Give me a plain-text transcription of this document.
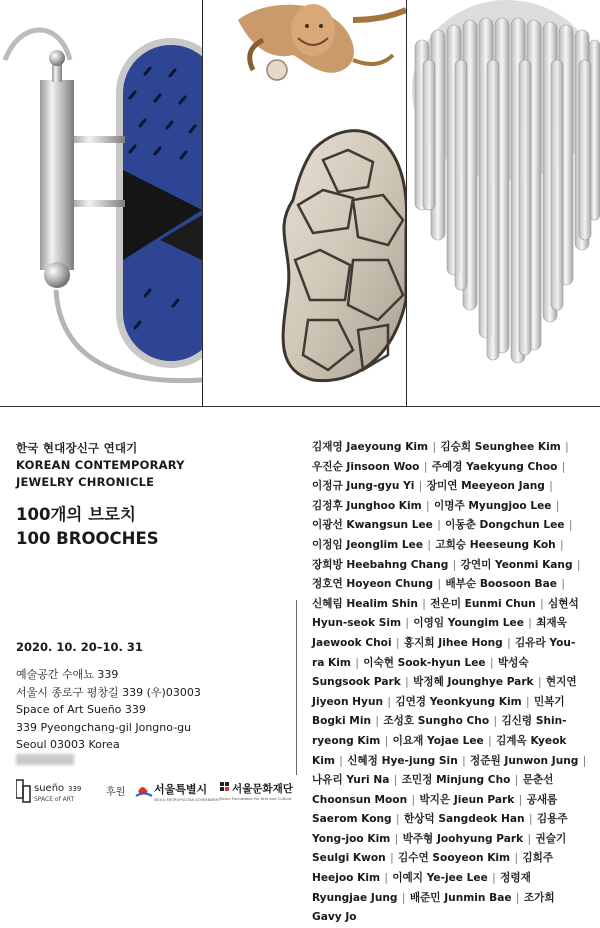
한국 현대장신구 연대기
KOREAN CONTEMPORARY
JEWELRY CHRONICLE
100개의 브로치
100 BROOCHES
2020. 10. 20–10. 31
예술공간 수애뇨 339
서울시 종로구 평창길 339 (우)03003
Space of Art Sueño 339
339 Pyeongchang-gil Jongno-gu
Seoul 03003 Korea
sueño 339
SPACE of ART
후원	서울특별시
SEOUL METROPOLITAN GOVERNMENT
서울문화재단
Seoul Foundation for Arts and Culture
김재영 Jaeyoung Kim | 김승희 Seunghee Kim | 우진순 Jinsoon Woo | 주예경 Yaekyung Choo | 이정규 Jung-gyu Yi | 장미연 Meeyeon Jang | 김정후 Junghoo Kim | 이명주 Myungjoo Lee | 이광선 Kwangsun Lee | 이동춘 Dongchun Lee | 이정임 Jeonglim Lee | 고희승 Heeseung Koh | 장희방 Heebahng Chang | 강연미 Yeonmi Kang | 정호연 Hoyeon Chung | 배부순 Boosoon Bae | 신혜림 Healim Shin | 전은미 Eunmi Chun | 심현석 Hyun-seok Sim | 이영임 Youngim Lee | 최재욱 Jaewook Choi | 홍지희 Jihee Hong | 김유라 You-ra Kim | 이숙현 Sook-hyun Lee | 박성숙 Sungsook Park | 박정혜 Jounghye Park | 현지연 Jiyeon Hyun | 김연경 Yeonkyung Kim | 민복기 Bogki Min | 조성호 Sungho Cho | 김신령 Shin-ryeong Kim | 이요재 Yojae Lee | 김계옥 Kyeok Kim | 신혜정 Hye-jung Sin | 정준원 Junwon Jung | 나유리 Yuri Na | 조민정 Minjung Cho | 문춘선 Choonsun Moon | 박지은 Jieun Park | 공새롬 Saerom Kong | 한상덕 Sangdeok Han | 김용주 Yong-joo Kim | 박주형 Joohyung Park | 권슬기 Seulgi Kwon | 김수연 Sooyeon Kim | 김희주 Heejoo Kim | 이예지 Ye-jee Lee | 정령재 Ryungjae Jung | 배준민 Junmin Bae | 조가희 Gavy Jo
